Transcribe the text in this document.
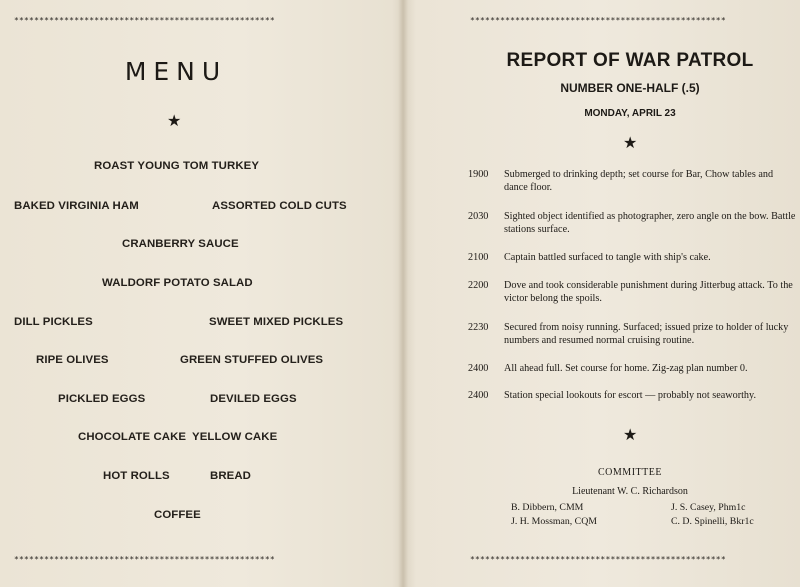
****************************************************
****************************************************
***************************************************
***************************************************
MENU
★
ROAST YOUNG TOM TURKEY
BAKED VIRGINIA HAM	ASSORTED COLD CUTS
CRANBERRY SAUCE
WALDORF POTATO SALAD
DILL PICKLES	SWEET MIXED PICKLES
RIPE OLIVES	GREEN STUFFED OLIVES
PICKLED EGGS	DEVILED EGGS
CHOCOLATE CAKE YELLOW CAKE
HOT ROLLS	BREAD
COFFEE
REPORT OF WAR PATROL
NUMBER ONE-HALF (.5)
MONDAY, APRIL 23
★
1900	Submerged to drinking depth; set course for Bar, Chow tables and dance floor.
2030	Sighted object identified as photographer, zero angle on the bow. Battle stations surface.
2100	Captain battled surfaced to tangle with ship's cake.
2200	Dove and took considerable punishment during Jitterbug attack. To the victor belong the spoils.
2230	Secured from noisy running. Surfaced; issued prize to holder of lucky numbers and resumed normal cruising routine.
2400	All ahead full. Set course for home. Zig-zag plan number 0.
2400	Station special lookouts for escort — probably not seaworthy.
★
COMMITTEE
Lieutenant W. C. Richardson
B. Dibbern, CMM	J. S. Casey, Phm1c
J. H. Mossman, CQM	C. D. Spinelli, Bkr1c
